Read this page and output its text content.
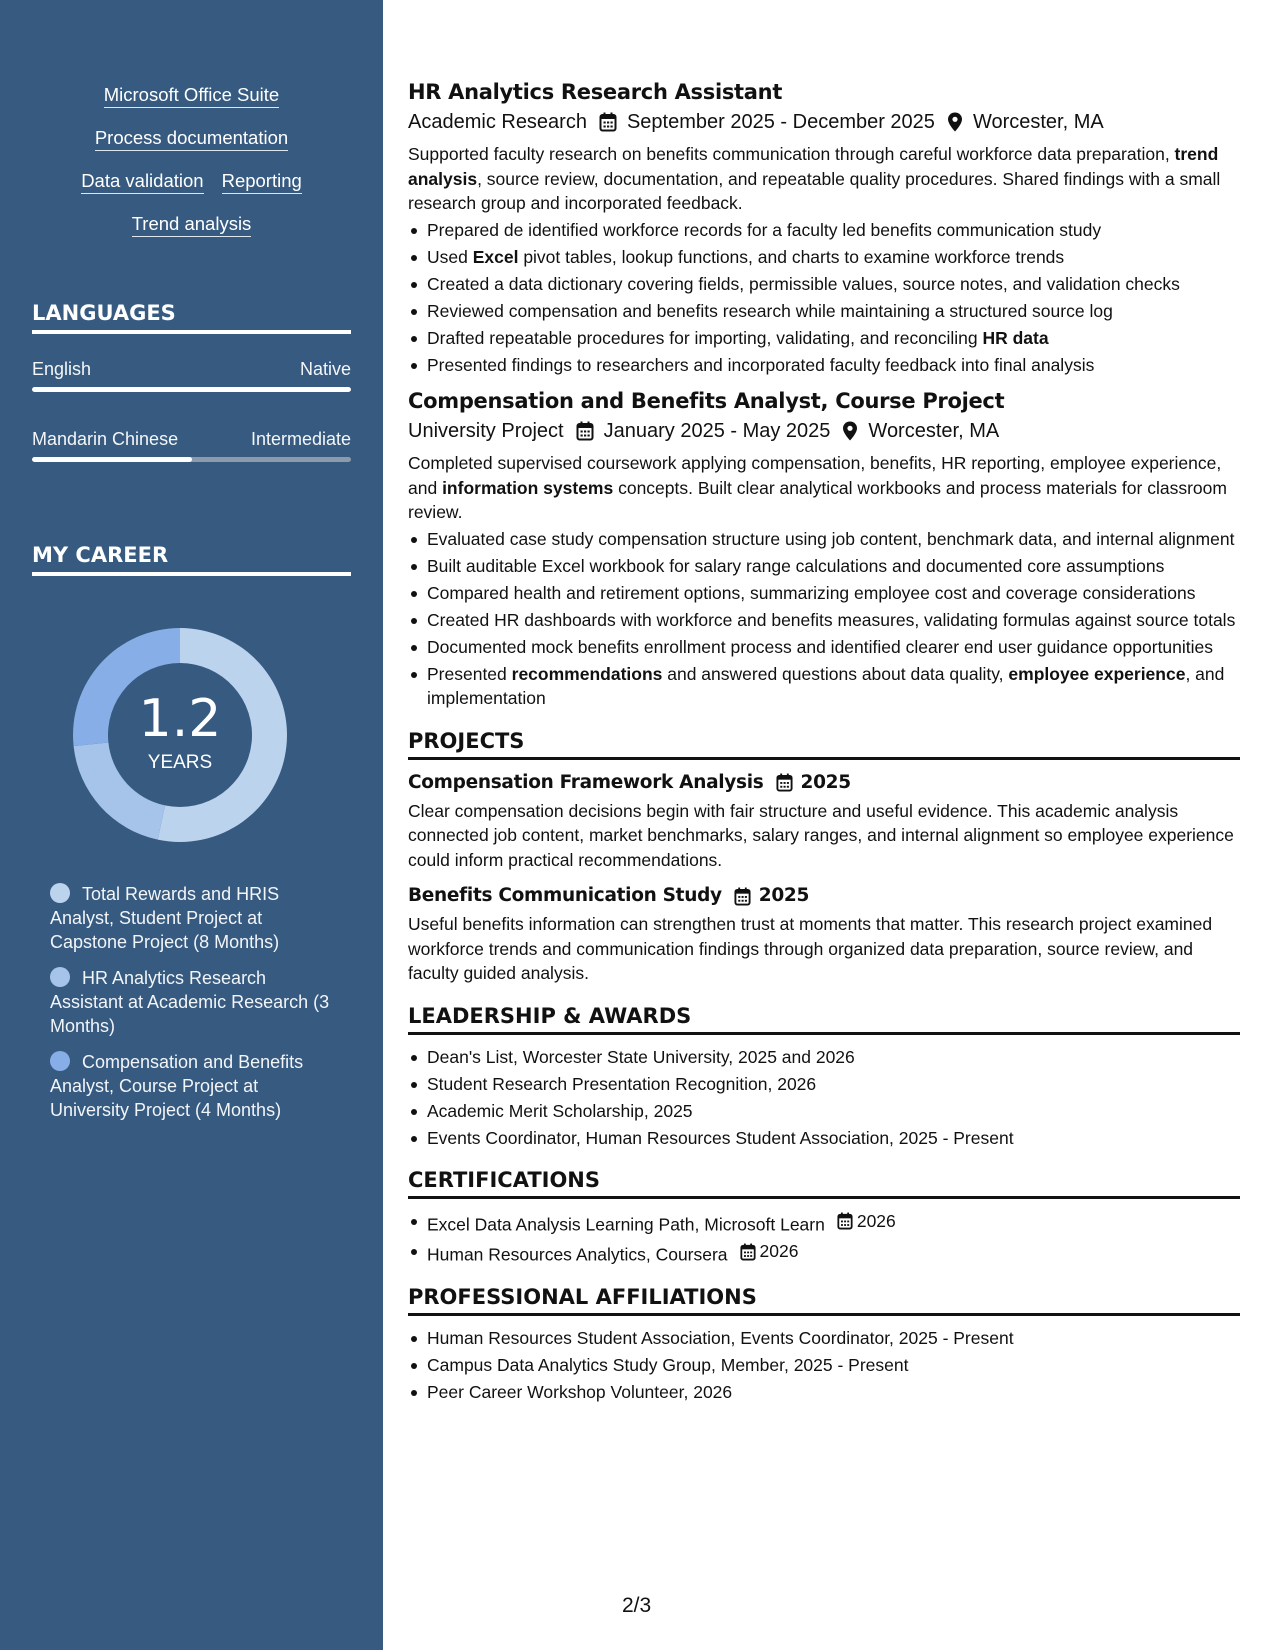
Microsoft Office Suite
Process documentation
Data validation Reporting
Trend analysis
LANGUAGES
English	Native
Mandarin Chinese	Intermediate
MY CAREER
1.2
YEARS
Total Rewards and HRIS Analyst, Student Project at Capstone Project (8 Months)
HR Analytics Research Assistant at Academic Research (3 Months)
Compensation and Benefits Analyst, Course Project at University Project (4 Months)
HR Analytics Research Assistant
Academic Research September 2025 - December 2025 Worcester, MA
Supported faculty research on benefits communication through careful workforce data preparation, trend analysis, source review, documentation, and repeatable quality procedures. Shared findings with a small research group and incorporated feedback.
Prepared de identified workforce records for a faculty led benefits communication study
Used Excel pivot tables, lookup functions, and charts to examine workforce trends
Created a data dictionary covering fields, permissible values, source notes, and validation checks
Reviewed compensation and benefits research while maintaining a structured source log
Drafted repeatable procedures for importing, validating, and reconciling HR data
Presented findings to researchers and incorporated faculty feedback into final analysis
Compensation and Benefits Analyst, Course Project
University Project January 2025 - May 2025 Worcester, MA
Completed supervised coursework applying compensation, benefits, HR reporting, employee experience, and information systems concepts. Built clear analytical workbooks and process materials for classroom review.
Evaluated case study compensation structure using job content, benchmark data, and internal alignment
Built auditable Excel workbook for salary range calculations and documented core assumptions
Compared health and retirement options, summarizing employee cost and coverage considerations
Created HR dashboards with workforce and benefits measures, validating formulas against source totals
Documented mock benefits enrollment process and identified clearer end user guidance opportunities
Presented recommendations and answered questions about data quality, employee experience, and implementation
PROJECTS
Compensation Framework Analysis 2025
Clear compensation decisions begin with fair structure and useful evidence. This academic analysis connected job content, market benchmarks, salary ranges, and internal alignment so employee experience could inform practical recommendations.
Benefits Communication Study 2025
Useful benefits information can strengthen trust at moments that matter. This research project examined workforce trends and communication findings through organized data preparation, source review, and faculty guided analysis.
LEADERSHIP & AWARDS
Dean's List, Worcester State University, 2025 and 2026
Student Research Presentation Recognition, 2026
Academic Merit Scholarship, 2025
Events Coordinator, Human Resources Student Association, 2025 - Present
CERTIFICATIONS
Excel Data Analysis Learning Path, Microsoft Learn 2026
Human Resources Analytics, Coursera 2026
PROFESSIONAL AFFILIATIONS
Human Resources Student Association, Events Coordinator, 2025 - Present
Campus Data Analytics Study Group, Member, 2025 - Present
Peer Career Workshop Volunteer, 2026
2/3
